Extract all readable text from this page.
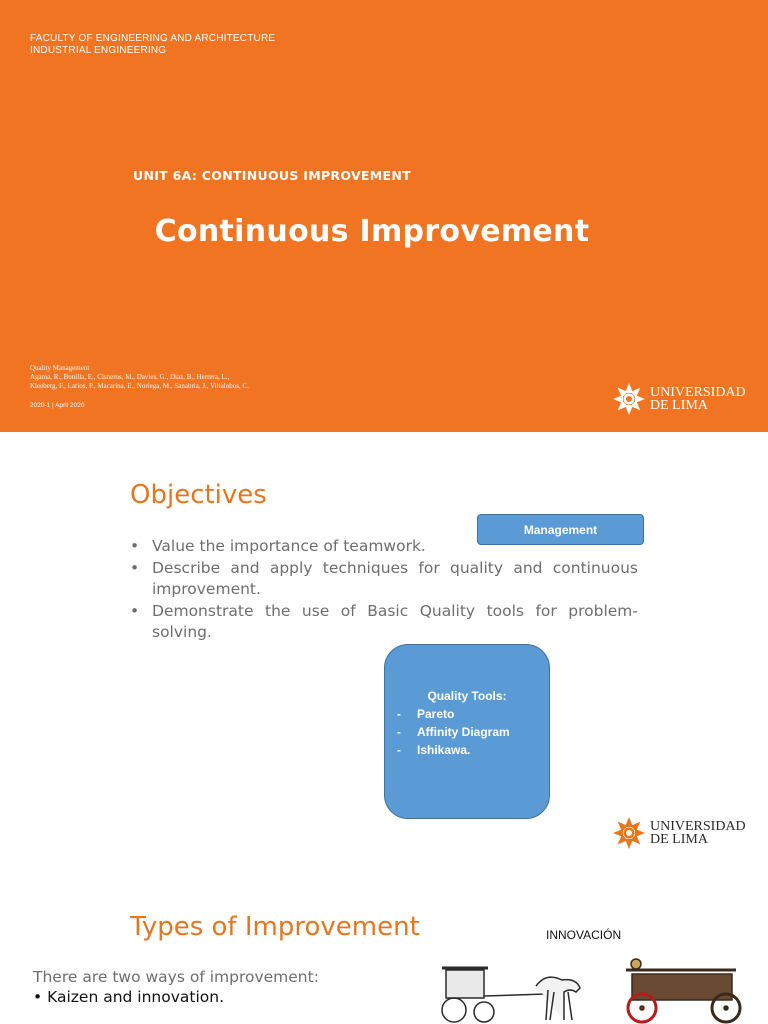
FACULTY OF ENGINEERING AND ARCHITECTURE
INDUSTRIAL ENGINEERING
UNIT 6A: CONTINUOUS IMPROVEMENT
Continuous Improvement
Quality Management
Agama, R., Bonilla, E., Cisneros, M., Davies, G., Diaz, B., Herrera, L.,
Kleeberg, F., Larios, P., Macarina, E., Noriega, M., Sanabria, J., Villalobos, C.
2020-1 | April 2020
UNIVERSIDAD
DE LIMA
Objectives
• Value the importance of teamwork.
• Describe and apply techniques for quality and continuous improvement.
• Demonstrate the use of Basic Quality tools for problem-solving.
Management
Quality Tools:
-	Pareto
-	Affinity Diagram
-	Ishikawa.
UNIVERSIDAD
DE LIMA
Types of Improvement	INNOVACIÓN
There are two ways of improvement:
• Kaizen and innovation.
